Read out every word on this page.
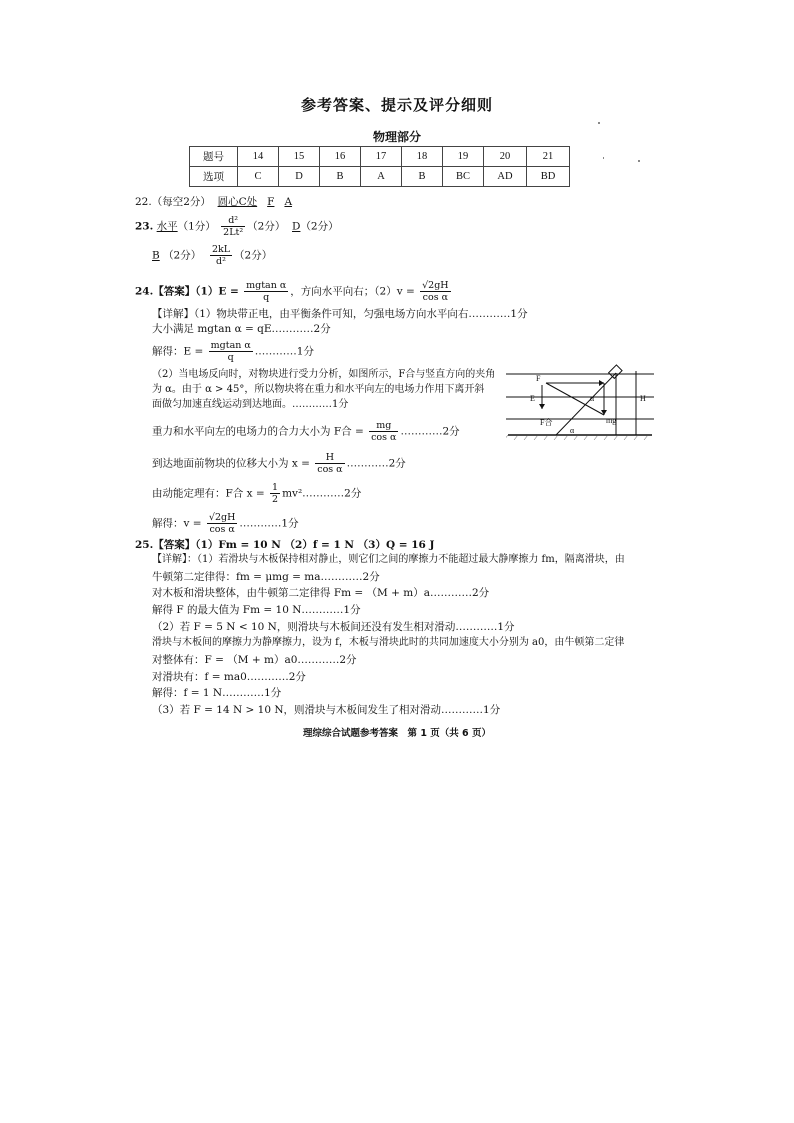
参考答案、提示及评分细则
物理部分
题号	14	15	16	17	18	19	20	21
选项	C	D	B	A	B	BC	AD	BD
22.（每空2分） 圆心C处 F A
23. 水平（1分） $\frac{\text{d²}}{\text{2Lt²}} (2$分） D（2分）
B （2分） $\frac{2kL}{\text{d²}} (2$分）
24.【答案】$(1)E = \frac{\text{mgtan α}}{q}$ ，方向水平向右；$(2)v = \frac{√2gH}{\text{cos α}}$
【详解】（1）物块带正电，由平衡条件可知，匀强电场方向水平向右…………1分
大小满足 mgtan α = qE…………2分
解得：$E = \frac{\text{mgtan α}}{q}$ …………1分
（2）当电场反向时，对物块进行受力分析，如图所示，F合与竖直方向的夹角
为 α。由于 α > 45°，所以物块将在重力和水平向左的电场力作用下离开斜
面做匀加速直线运动到达地面。…………1分
重力和水平向左的电场力的合力大小为 F合 = $\frac{mg}{\text{cos α}}$ …………2分
到达地面前物块的位移大小为 $x = \frac{H}{\text{cos α}}$ …………2分
由动能定理有：F合 $x = \frac{1}{2}$ mv²…………2分
解得：$v = \frac{√2gH}{\text{cos α}}$ …………1分
F
E	α
mg
H
F合
α
25.【答案】（1）Fm = 10 N （2）f = 1 N （3）Q = 16 J
【详解】：（1）若滑块与木板保持相对静止，则它们之间的摩擦力不能超过最大静摩擦力 fm，隔离滑块，由
牛顿第二定律得：fm = μmg = ma…………2分
对木板和滑块整体，由牛顿第二定律得 Fm = （M + m）a…………2分
解得 F 的最大值为 Fm = 10 N…………1分
（2）若 F = 5 N < 10 N，则滑块与木板间还没有发生相对滑动…………1分
滑块与木板间的摩擦力为静摩擦力，设为 f，木板与滑块此时的共同加速度大小分别为 a0，由牛顿第二定律
对整体有：F = （M + m）a0…………2分
对滑块有：f = ma0…………2分
解得：f = 1 N…………1分
（3）若 F = 14 N > 10 N，则滑块与木板间发生了相对滑动…………1分
理综综合试题参考答案　第 1 页（共 6 页）
